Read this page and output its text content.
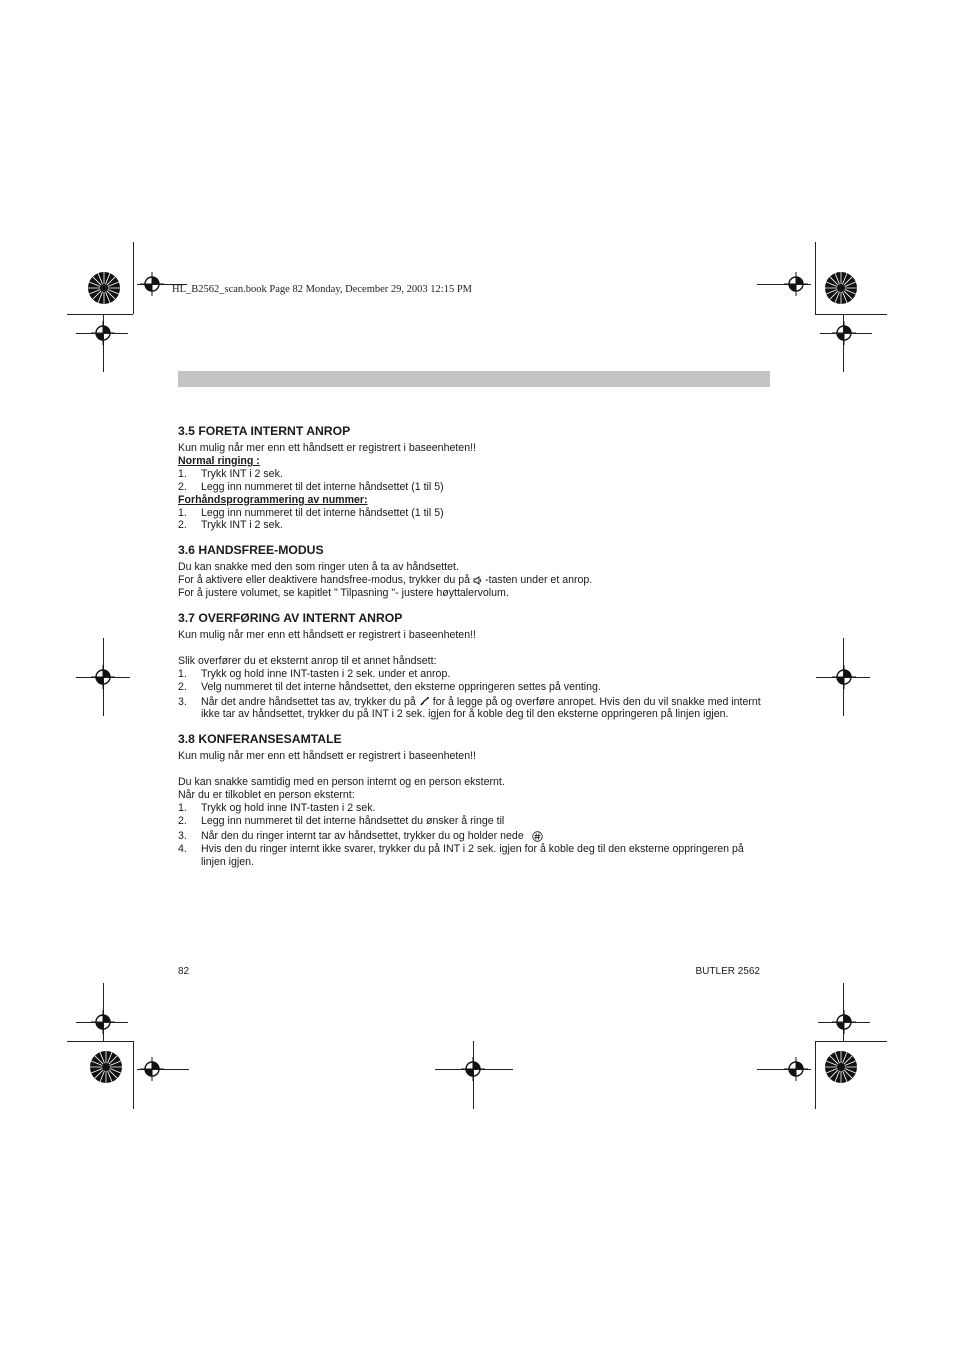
HL_B2562_scan.book Page 82 Monday, December 29, 2003 12:15 PM
3.5 FORETA INTERNT ANROP

Kun mulig når mer enn ett håndsett er registrert i baseenheten!!

Normal ringing :

1.	Trykk INT i 2 sek.
2.	Legg inn nummeret til det interne håndsettet (1 til 5)

Forhåndsprogrammering av nummer:

1.	Legg inn nummeret til det interne håndsettet (1 til 5)
2.	Trykk INT i 2 sek.
3.6 HANDSFREE-MODUS

Du kan snakke med den som ringer uten å ta av håndsettet.

For å aktivere eller deaktivere handsfree-modus, trykker du på -tasten under et anrop.

For å justere volumet, se kapitlet " Tilpasning "- justere høyttalervolum.

3.7 OVERFØRING AV INTERNT ANROP

Kun mulig når mer enn ett håndsett er registrert i baseenheten!!

Slik overfører du et eksternt anrop til et annet håndsett:

1.	Trykk og hold inne INT-tasten i 2 sek. under et anrop.
2.	Velg nummeret til det interne håndsettet, den eksterne oppringeren settes på venting.
3.	Når det andre håndsettet tas av, trykker du på for å legge på og overføre anropet. Hvis den du vil snakke med internt ikke tar av håndsettet, trykker du på INT i 2 sek. igjen for å koble deg til den eksterne oppringeren på linjen igjen.
3.8 KONFERANSESAMTALE

Kun mulig når mer enn ett håndsett er registrert i baseenheten!!

Du kan snakke samtidig med en person internt og en person eksternt.

Når du er tilkoblet en person eksternt:

1.	Trykk og hold inne INT-tasten i 2 sek.
2.	Legg inn nummeret til det interne håndsettet du ønsker å ringe til
3.	Når den du ringer internt tar av håndsettet, trykker du og holder nede
4.	Hvis den du ringer internt ikke svarer, trykker du på INT i 2 sek. igjen for å koble deg til den eksterne oppringeren på linjen igjen.
82	BUTLER 2562
